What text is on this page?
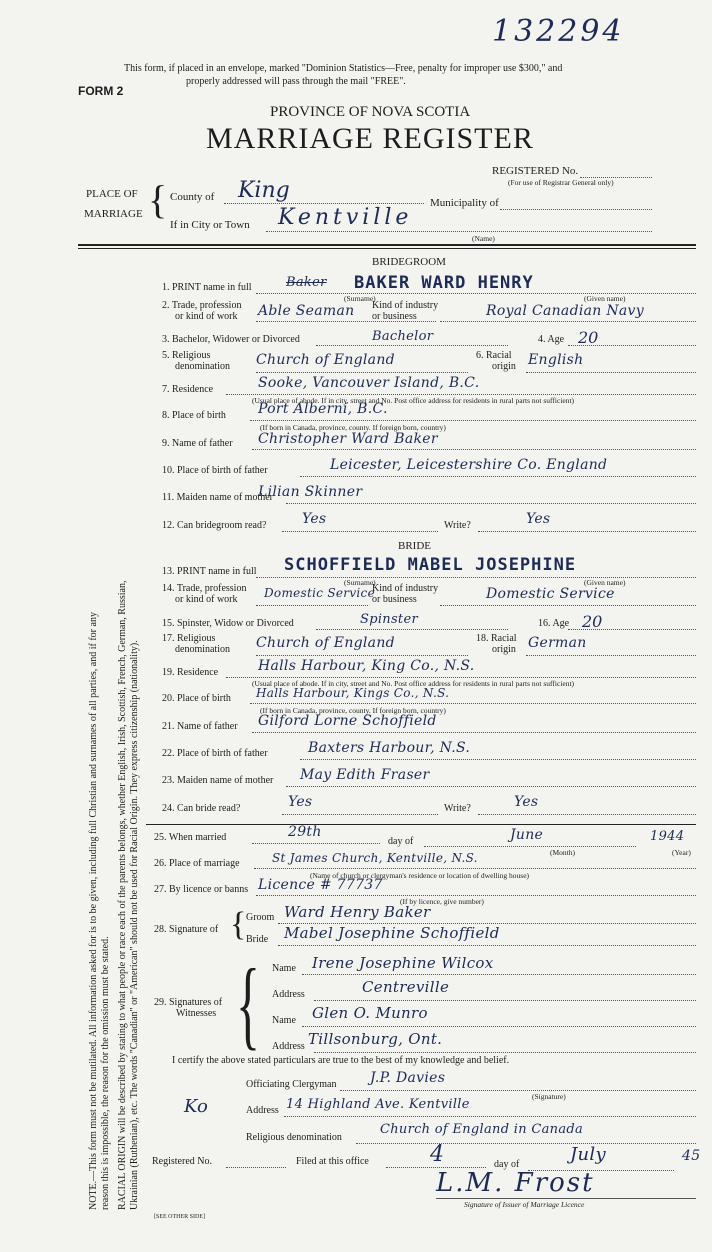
132294
This form, if placed in an envelope, marked "Dominion Statistics—Free, penalty for improper use $300," and
properly addressed will pass through the mail "FREE".
FORM 2
PROVINCE OF NOVA SCOTIA
MARRIAGE REGISTER
REGISTERED No.
(For use of Registrar General only)
PLACE OF
MARRIAGE { County of King	Municipality of
If in City or Town Kentville
(Name)
BRIDEGROOM
1. PRINT name in full	Baker BAKER WARD HENRY
(Surname)	(Given name)
2. Trade, profession
or kind of work Able Seaman Kind of industry
or business	Royal Canadian Navy
3. Bachelor, Widower or Divorced	Bachelor	4. Age 20
5. Religious
denomination Church of England	6. Racial
origin English
7. Residence	Sooke, Vancouver Island, B.C.
(Usual place of abode. If in city, street and No. Post office address for residents in rural parts not sufficient)
8. Place of birth Port Alberni, B.C.
(If born in Canada, province, county. If foreign born, country)
9. Name of father Christopher Ward Baker
10. Place of birth of father	Leicester, Leicestershire Co. England
11. Maiden name of mother
Lilian Skinner
12. Can bridegroom read?	Yes	Write?	Yes
BRIDE
13. PRINT name in full SCHOFFIELD MABEL JOSEPHINE
(Surname)	(Given name)
14. Trade, profession
or kind of work Domestic Service
Kind of industry
or business	Domestic Service
15. Spinster, Widow or Divorced	Spinster	16. Age 20
17. Religious
denomination Church of England	18. Racial
origin German
19. Residence	Halls Harbour, King Co., N.S.
(Usual place of abode. If in city, street and No. Post office address for residents in rural parts not sufficient)
20. Place of birth Halls Harbour, Kings Co., N.S.
(If born in Canada, province, county. If foreign born, country)
21. Name of father Gilford Lorne Schoffield
22. Place of birth of father	Baxters Harbour, N.S.
23. Maiden name of mother May Edith Fraser
24. Can bride read?	Yes	Write?	Yes
25. When married	29th
day of	June
(Month)
1944
(Year)
26. Place of marriage	St James Church, Kentville, N.S.
(Name of church or clergyman's residence or location of dwelling house)
27. By licence or banns Licence # 77737
(If by licence, give number)
28. Signature of { Groom Ward Henry Baker
Bride Mabel Josephine Schoffield
29. Signatures of
Witnesses { Name Irene Josephine Wilcox
Address	Centreville
Name Glen O. Munro
Address Tillsonburg, Ont.
I certify the above stated particulars are true to the best of my knowledge and belief.
Officiating Clergyman J.P. Davies
(Signature)
Ko	Address 14 Highland Ave. Kentville
Religious denomination
Church of England in Canada
Registered No.	Filed at this office	4	day of	July	45
L.M. Frost
Signature of Issuer of Marriage Licence
[SEE OTHER SIDE]
NOTE.—This form must not be mutilated. All information asked for is to be given, including full Christian and surnames of all parties, and if for any reason this is impossible, the reason for the omission must be stated. RACIAL ORIGIN will be described by stating to what people or race each of the parents belongs, whether English, Irish, Scottish, French, German, Russian, Ukrainian (Ruthenian), etc. The words "Canadian" or "American" should not be used for Racial Origin. They express citizenship (nationality).
